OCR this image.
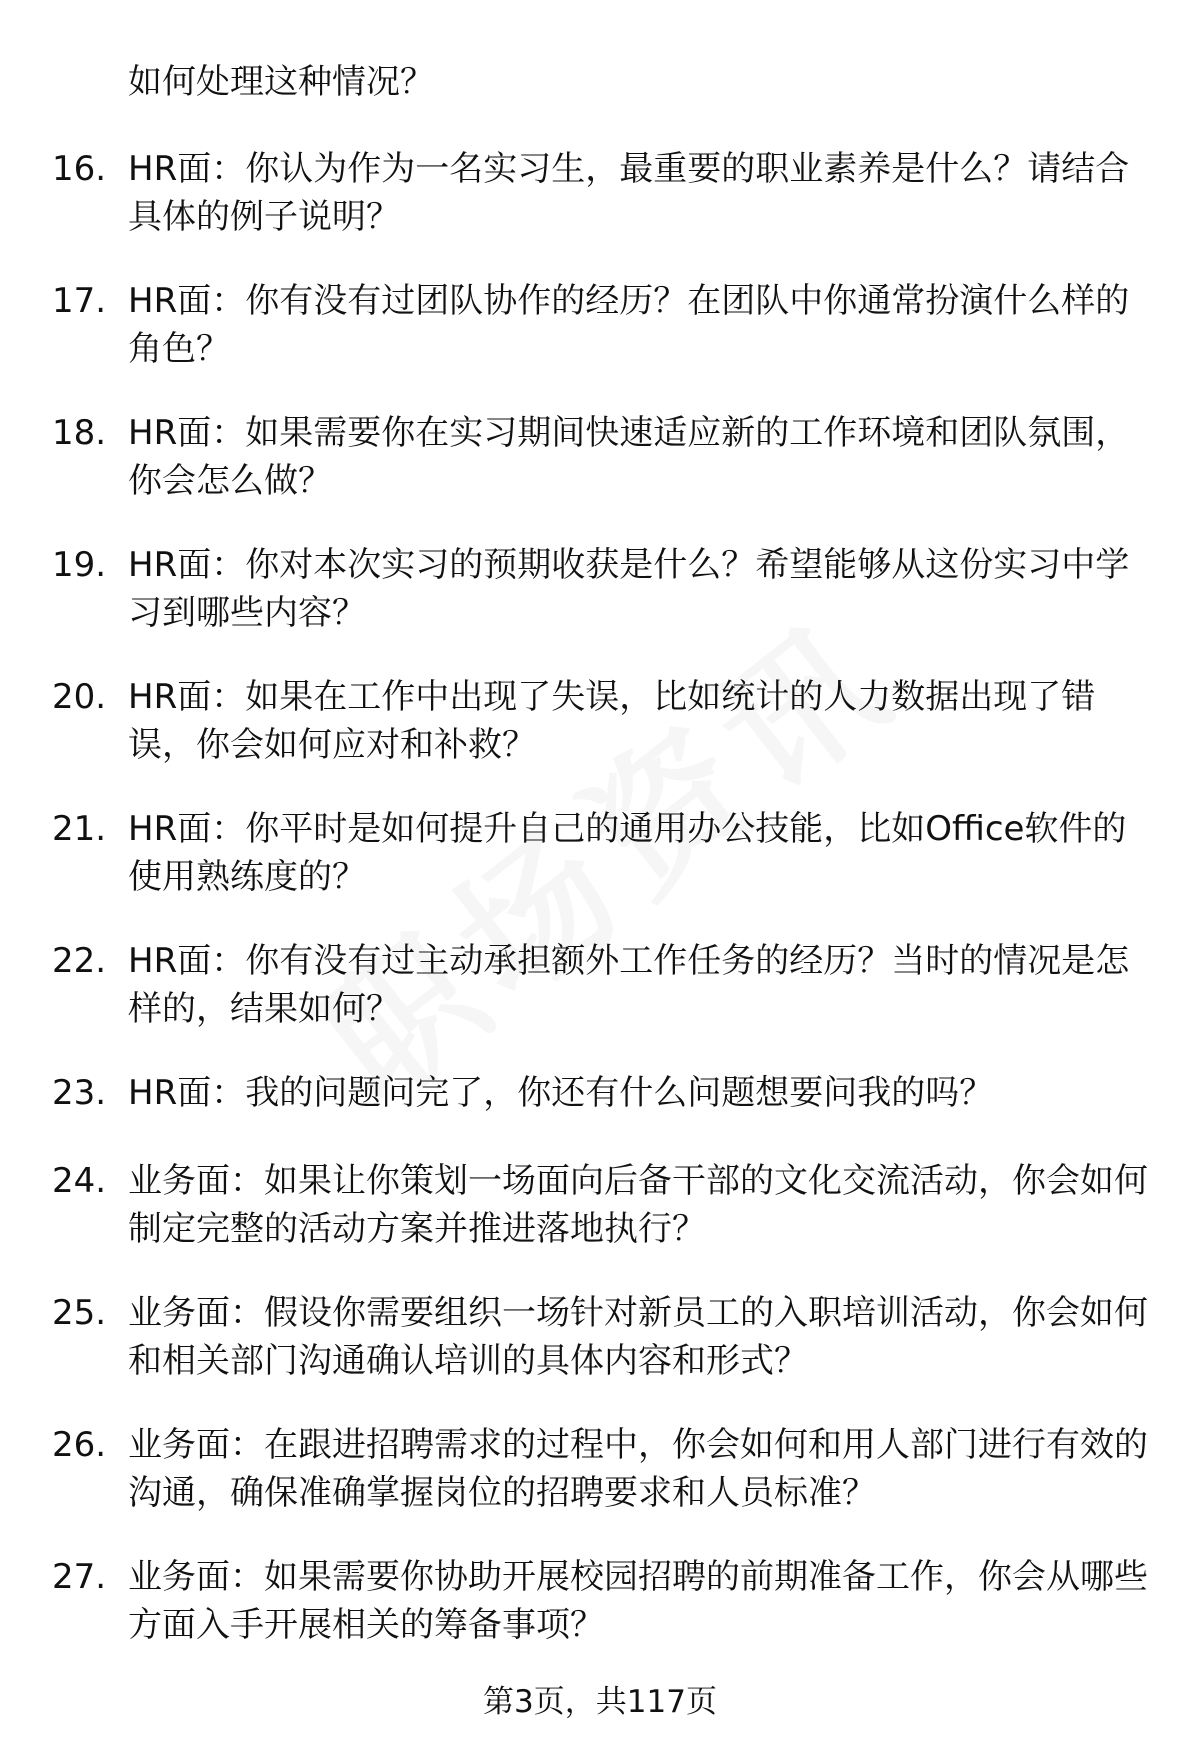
如何处理这种情况？
16. HR面：你认为作为一名实习生，最重要的职业素养是什么？请结合具体的例子说明？
17. HR面：你有没有过团队协作的经历？在团队中你通常扮演什么样的角色？
18. HR面：如果需要你在实习期间快速适应新的工作环境和团队氛围，你会怎么做？
19. HR面：你对本次实习的预期收获是什么？希望能够从这份实习中学习到哪些内容？
20. HR面：如果在工作中出现了失误，比如统计的人力数据出现了错误，你会如何应对和补救？
21. HR面：你平时是如何提升自己的通用办公技能，比如Office软件的使用熟练度的？
22. HR面：你有没有过主动承担额外工作任务的经历？当时的情况是怎样的，结果如何？
23. HR面：我的问题问完了，你还有什么问题想要问我的吗？
24. 业务面：如果让你策划一场面向后备干部的文化交流活动，你会如何制定完整的活动方案并推进落地执行？
25. 业务面：假设你需要组织一场针对新员工的入职培训活动，你会如何和相关部门沟通确认培训的具体内容和形式？
26. 业务面：在跟进招聘需求的过程中，你会如何和用人部门进行有效的沟通，确保准确掌握岗位的招聘要求和人员标准？
27. 业务面：如果需要你协助开展校园招聘的前期准备工作，你会从哪些方面入手开展相关的筹备事项？
第3页，共117页
